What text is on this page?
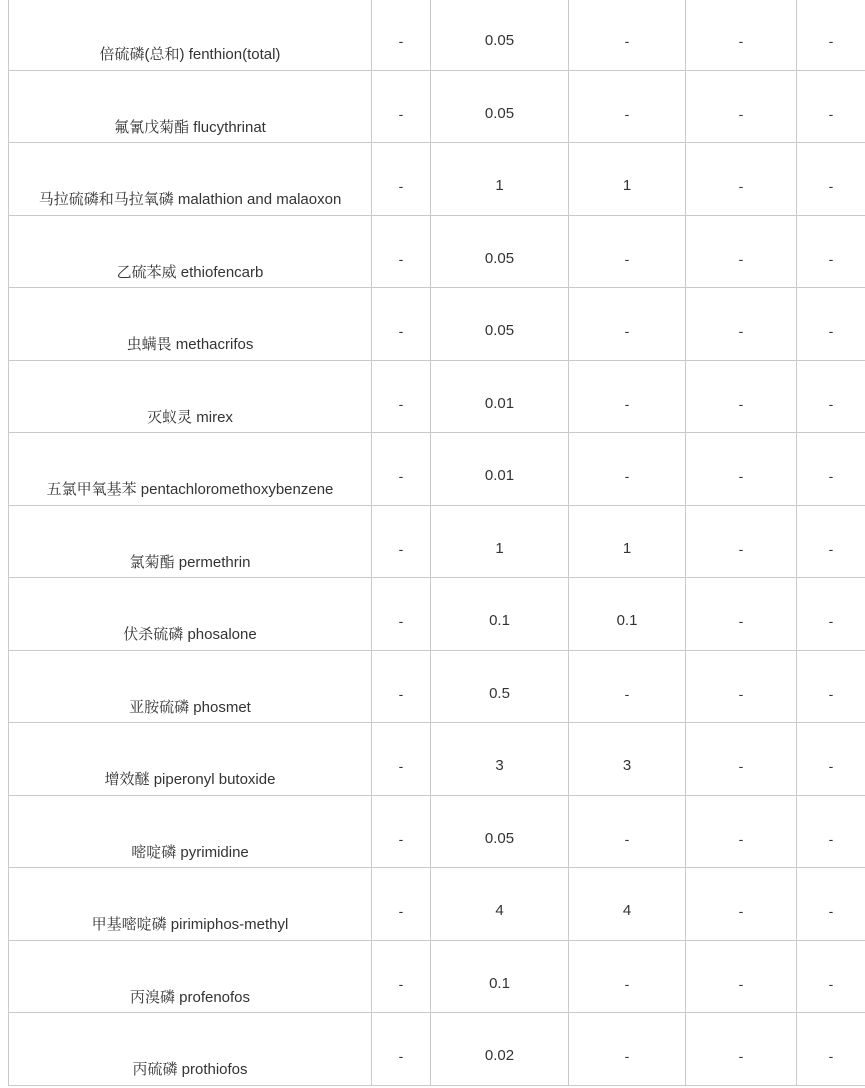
倍硫磷(总和) fenthion(total)	-	0.05	-	-	-

氟氰戊菊酯 flucythrinat	-	0.05	-	-	-

马拉硫磷和马拉氧磷 malathion and malaoxon	-	1	1	-	-

乙硫苯威 ethiofencarb	-	0.05	-	-	-

虫螨畏 methacrifos	-	0.05	-	-	-

灭蚁灵 mirex	-	0.01	-	-	-

五氯甲氧基苯 pentachloromethoxybenzene	-	0.01	-	-	-

氯菊酯 permethrin	-	1	1	-	-

伏杀硫磷 phosalone	-	0.1	0.1	-	-

亚胺硫磷 phosmet	-	0.5	-	-	-

增效醚 piperonyl butoxide	-	3	3	-	-

嘧啶磷 pyrimidine	-	0.05	-	-	-

甲基嘧啶磷 pirimiphos-methyl	-	4	4	-	-

丙溴磷 profenofos	-	0.1	-	-	-

丙硫磷 prothiofos	-	0.02	-	-	-
